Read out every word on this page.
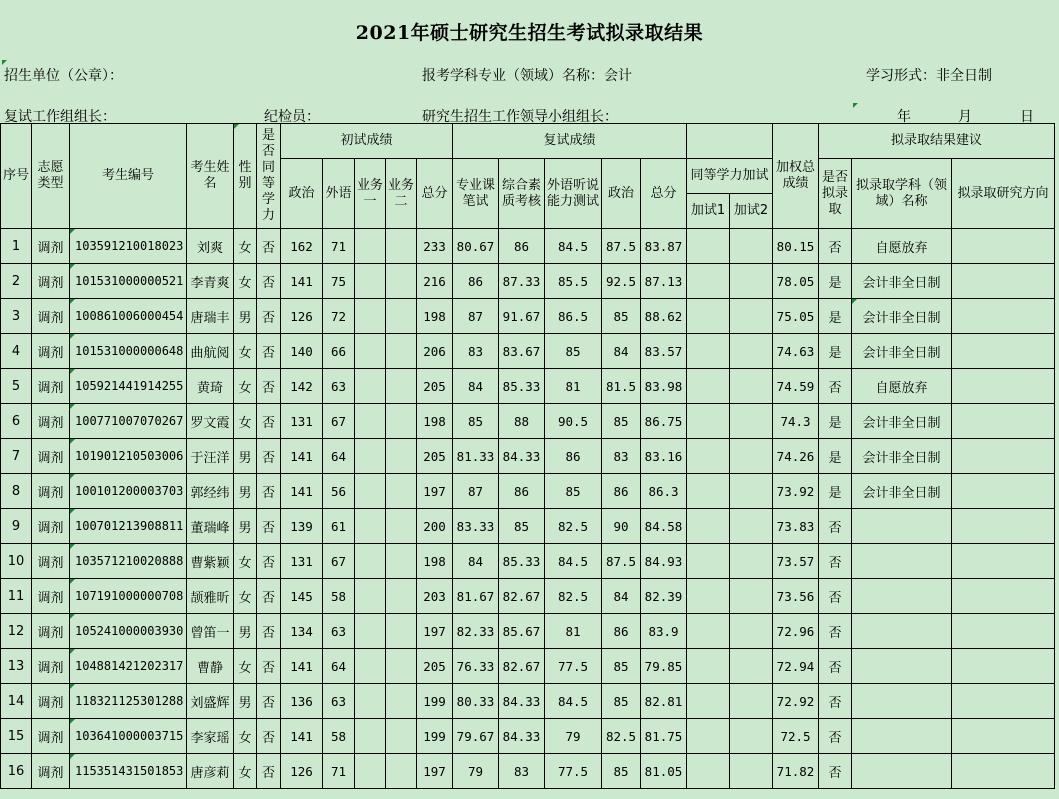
2021年硕士研究生招生考试拟录取结果
招生单位（公章）：	报考学科专业（领域）名称：会计	学习形式：非全日制
复试工作组组长：	纪检员：	研究生招生工作领导小组组长：	年	月	日
序号	志愿类型	考生编号	考生姓名	性别	是否同等学力	初试成绩					复试成绩							加权总成绩	拟录取结果建议		
						政治	外语	业务一	业务二	总分	专业课笔试	综合素质考核	外语听说能力测试	政治	总分	同等学力加试			是否拟录取	拟录取学科（领域）名称	拟录取研究方向
																加试1	加试2				
1	调剂	103591210018023	刘爽	女	否	162	71			233	80.67	86	84.5	87.5	83.87			80.15	否	自愿放弃	
2	调剂	101531000000521	李青爽	女	否	141	75			216	86	87.33	85.5	92.5	87.13			78.05	是	会计非全日制	
3	调剂	100861006000454	唐瑞丰	男	否	126	72			198	87	91.67	86.5	85	88.62			75.05	是	会计非全日制	
4	调剂	101531000000648	曲航阅	女	否	140	66			206	83	83.67	85	84	83.57			74.63	是	会计非全日制	
5	调剂	105921441914255	黄琦	女	否	142	63			205	84	85.33	81	81.5	83.98			74.59	否	自愿放弃	
6	调剂	100771007070267	罗文霞	女	否	131	67			198	85	88	90.5	85	86.75			74.3	是	会计非全日制	
7	调剂	101901210503006	于汪洋	男	否	141	64			205	81.33	84.33	86	83	83.16			74.26	是	会计非全日制	
8	调剂	100101200003703	郭经纬	男	否	141	56			197	87	86	85	86	86.3			73.92	是	会计非全日制	
9	调剂	100701213908811	董瑞峰	男	否	139	61			200	83.33	85	82.5	90	84.58			73.83	否		
10	调剂	103571210020888	曹紫颖	女	否	131	67			198	84	85.33	84.5	87.5	84.93			73.57	否		
11	调剂	107191000000708	颉雅昕	女	否	145	58			203	81.67	82.67	82.5	84	82.39			73.56	否		
12	调剂	105241000003930	曾笛一	男	否	134	63			197	82.33	85.67	81	86	83.9			72.96	否		
13	调剂	104881421202317	曹静	女	否	141	64			205	76.33	82.67	77.5	85	79.85			72.94	否		
14	调剂	118321125301288	刘盛辉	男	否	136	63			199	80.33	84.33	84.5	85	82.81			72.92	否		
15	调剂	103641000003715	李家瑶	女	否	141	58			199	79.67	84.33	79	82.5	81.75			72.5	否		
16	调剂	115351431501853	唐彦莉	女	否	126	71			197	79	83	77.5	85	81.05			71.82	否		
